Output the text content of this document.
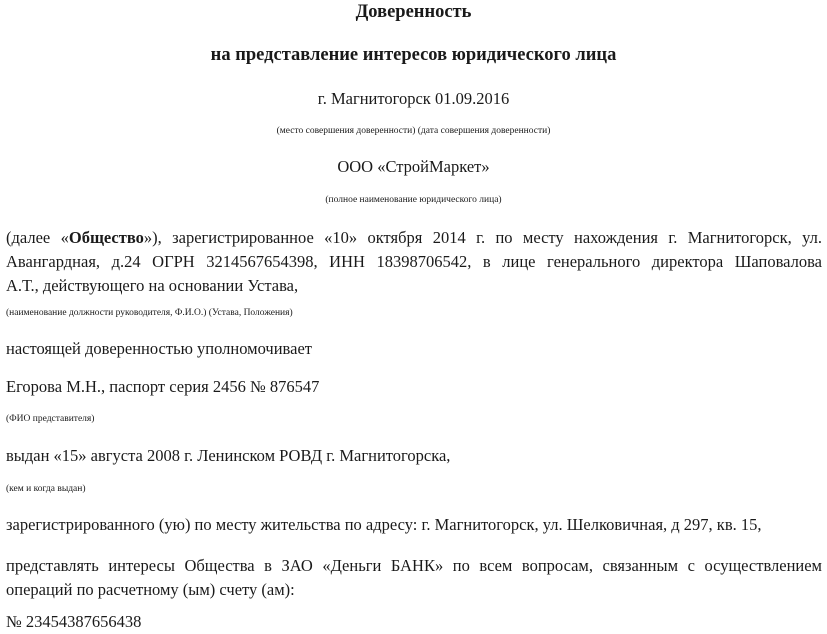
Доверенность
на представление интересов юридического лица
г. Магнитогорск 01.09.2016
(место совершения доверенности) (дата совершения доверенности)
ООО «СтройМаркет»
(полное наименование юридического лица)
(далее «Общество»), зарегистрированное «10» октября 2014 г. по месту нахождения г. Магнитогорск, ул.
Авангардная, д.24 ОГРН 3214567654398, ИНН 18398706542, в лице генерального директора Шаповалова
А.Т., действующего на основании Устава,
(наименование должности руководителя, Ф.И.О.) (Устава, Положения)
настоящей доверенностью уполномочивает
Егорова М.Н., паспорт серия 2456 № 876547
(ФИО представителя)
выдан «15» августа 2008 г. Ленинском РОВД г. Магнитогорска,
(кем и когда выдан)
зарегистрированного (ую) по месту жительства по адресу: г. Магнитогорск, ул. Шелковичная, д 297, кв. 15,
представлять интересы Общества в ЗАО «Деньги БАНК» по всем вопросам, связанным с осуществлением
операций по расчетному (ым) счету (ам):
№ 23454387656438
